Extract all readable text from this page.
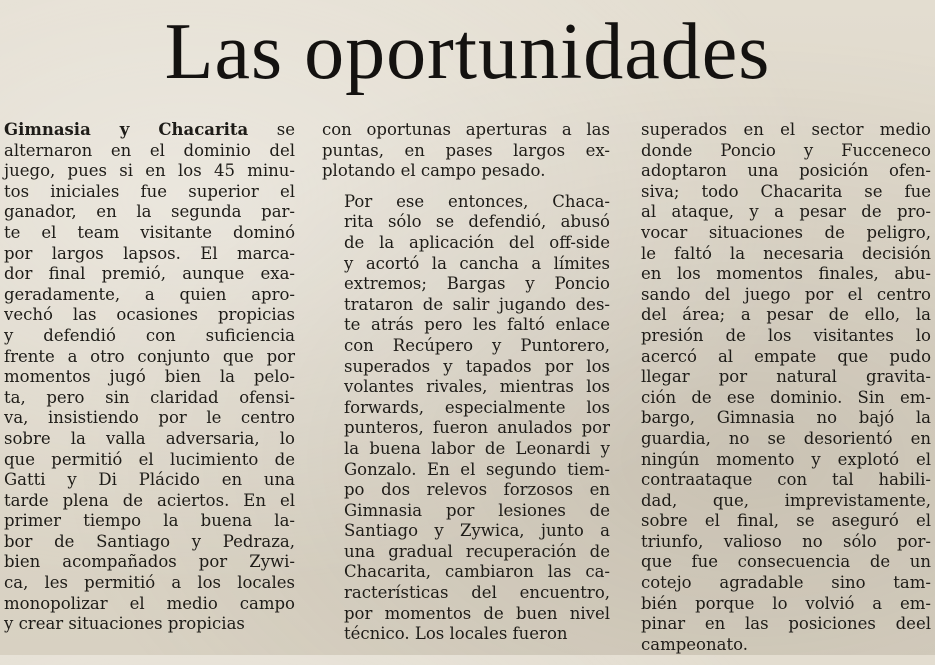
Las oportunidades
Gimnasia y Chacarita se
alternaron en el dominio del
juego, pues si en los 45 minu-
tos iniciales fue superior el
ganador, en la segunda par-
te el team visitante dominó
por largos lapsos. El marca-
dor final premió, aunque exa-
geradamente, a quien apro-
vechó las ocasiones propicias
y defendió con suficiencia
frente a otro conjunto que por
momentos jugó bien la pelo-
ta, pero sin claridad ofensi-
va, insistiendo por le centro
sobre la valla adversaria, lo
que permitió el lucimiento de
Gatti y Di Plácido en una
tarde plena de aciertos. En el
primer tiempo la buena la-
bor de Santiago y Pedraza,
bien acompañados por Zywi-
ca, les permitió a los locales
monopolizar el medio campo
y crear situaciones propicias
con oportunas aperturas a las
puntas, en pases largos ex-
plotando el campo pesado.
Por ese entonces, Chaca-
rita sólo se defendió, abusó
de la aplicación del off-side
y acortó la cancha a límites
extremos; Bargas y Poncio
trataron de salir jugando des-
te atrás pero les faltó enlace
con Recúpero y Puntorero,
superados y tapados por los
volantes rivales, mientras los
forwards, especialmente los
punteros, fueron anulados por
la buena labor de Leonardi y
Gonzalo. En el segundo tiem-
po dos relevos forzosos en
Gimnasia por lesiones de
Santiago y Zywica, junto a
una gradual recuperación de
Chacarita, cambiaron las ca-
racterísticas del encuentro,
por momentos de buen nivel
técnico. Los locales fueron
superados en el sector medio
donde Poncio y Fucceneco
adoptaron una posición ofen-
siva; todo Chacarita se fue
al ataque, y a pesar de pro-
vocar situaciones de peligro,
le faltó la necesaria decisión
en los momentos finales, abu-
sando del juego por el centro
del área; a pesar de ello, la
presión de los visitantes lo
acercó al empate que pudo
llegar por natural gravita-
ción de ese dominio. Sin em-
bargo, Gimnasia no bajó la
guardia, no se desorientó en
ningún momento y explotó el
contraataque con tal habili-
dad, que, imprevistamente,
sobre el final, se aseguró el
triunfo, valioso no sólo por-
que fue consecuencia de un
cotejo agradable sino tam-
bién porque lo volvió a em-
pinar en las posiciones deel
campeonato.
